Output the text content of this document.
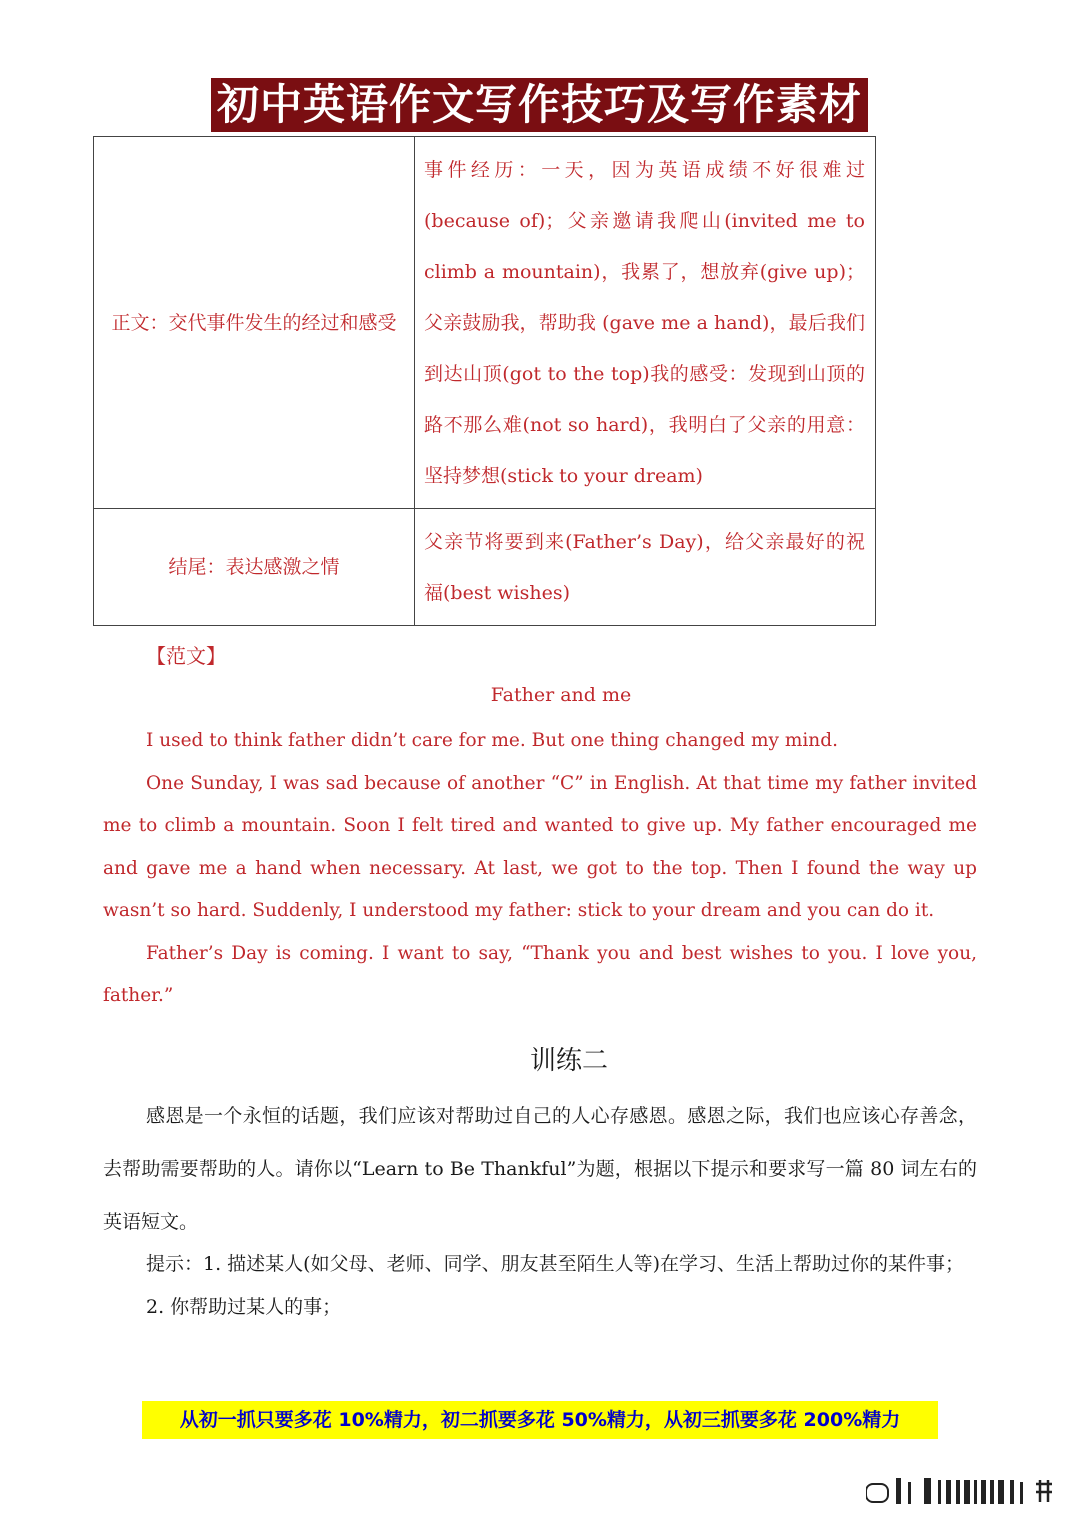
初中英语作文写作技巧及写作素材
正文：交代事件发生的经过和感受	事件经历：一天，因为英语成绩不好很难过(because of)；父亲邀请我爬山(invited me to climb a mountain)，我累了，想放弃(give up)；父亲鼓励我，帮助我 (gave me a hand)，最后我们到达山顶(got to the top)我的感受：发现到山顶的路不那么难(not so hard)，我明白了父亲的用意：坚持梦想(stick to your dream)
结尾：表达感激之情	父亲节将要到来(Father’s Day)，给父亲最好的祝福(best wishes)
【范文】
Father and me

I used to think father didn’t care for me. But one thing changed my mind.

One Sunday, I was sad because of another “C” in English. At that time my father invited me to climb a mountain. Soon I felt tired and wanted to give up. My father encouraged me and gave me a hand when necessary. At last, we got to the top. Then I found the way up wasn’t so hard. Suddenly, I understood my father: stick to your dream and you can do it.

Father’s Day is coming. I want to say, “Thank you and best wishes to you. I love you, father.”

训练二

感恩是一个永恒的话题，我们应该对帮助过自己的人心存感恩。感恩之际，我们也应该心存善念，去帮助需要帮助的人。请你以“Learn to Be Thankful”为题，根据以下提示和要求写一篇 80 词左右的英语短文。

提示：1. 描述某人(如父母、老师、同学、朋友甚至陌生人等)在学习、生活上帮助过你的某件事；

2. 你帮助过某人的事；

从初一抓只要多花 10%精力，初二抓要多花 50%精力，从初三抓要多花 200%精力
